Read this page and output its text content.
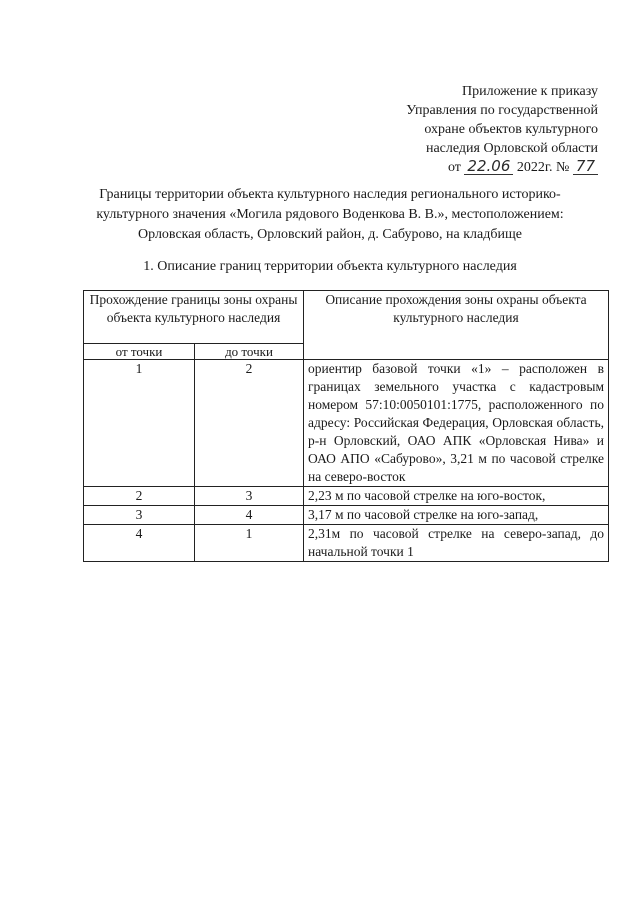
Приложение к приказу
Управления по государственной
охране объектов культурного
наследия Орловской области
от 22.06 2022г. № 77
Границы территории объекта культурного наследия регионального историко-культурного значения «Могила рядового Воденкова В. В.», местоположением: Орловская область, Орловский район, д. Сабурово, на кладбище
1. Описание границ территории объекта культурного наследия
Прохождение границы зоны охраны объекта культурного наследия		Описание прохождения зоны охраны объекта культурного наследия
от точки	до точки	
1	2	ориентир базовой точки «1» – расположен в границах земельного участка с кадастровым номером 57:10:0050101:1775, расположенного по адресу: Российская Федерация, Орловская область, р-н Орловский, ОАО АПК «Орловская Нива» и ОАО АПО «Сабурово», 3,21 м по часовой стрелке на северо-восток
2	3	2,23 м по часовой стрелке на юго-восток,
3	4	3,17 м по часовой стрелке на юго-запад,
4	1	2,31м по часовой стрелке на северо-запад, до начальной точки 1
